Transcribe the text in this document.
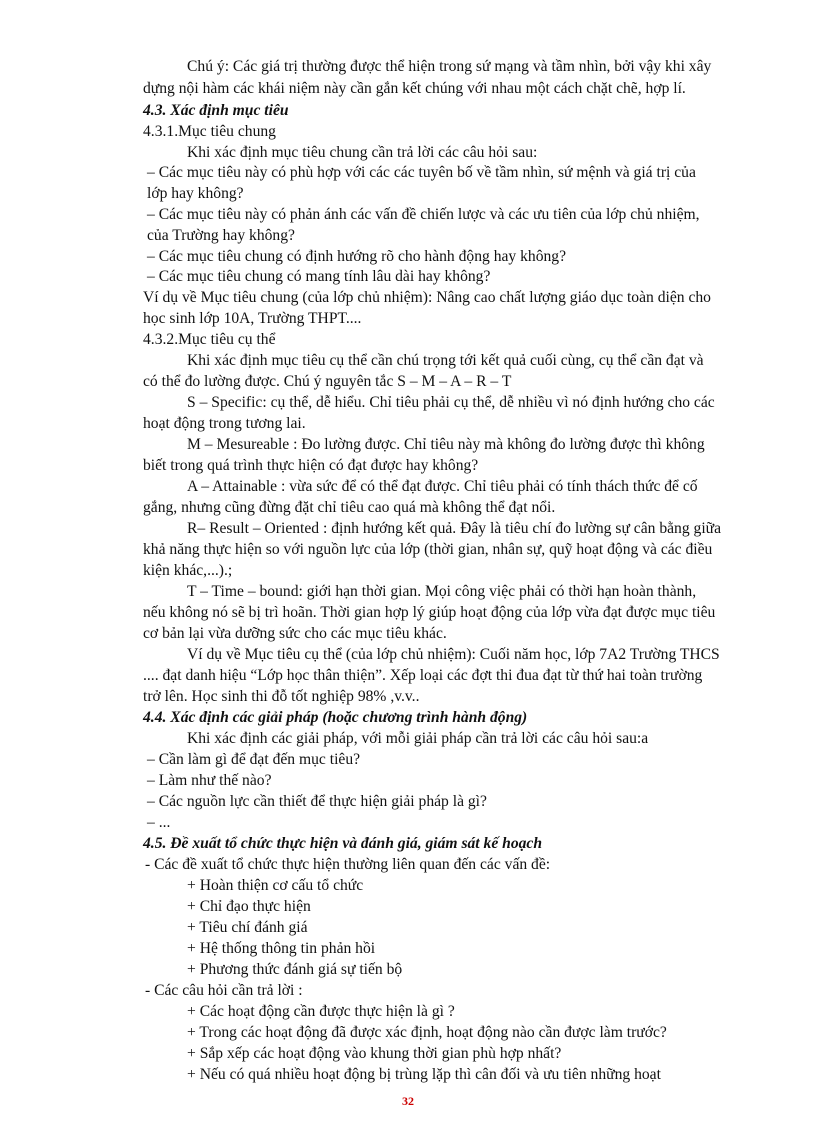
Chú ý: Các giá trị thường được thể hiện trong sứ mạng và tầm nhìn, bởi vậy khi xây
dựng nội hàm các khái niệm này cần gắn kết chúng với nhau một cách chặt chẽ, hợp lí.
4.3. Xác định mục tiêu
4.3.1.Mục tiêu chung
Khi xác định mục tiêu chung cần trả lời các câu hỏi sau:
– Các mục tiêu này có phù hợp với các các tuyên bố về tầm nhìn, sứ mệnh và giá trị của
lớp hay không?
– Các mục tiêu này có phản ánh các vấn đề chiến lược và các ưu tiên của lớp chủ nhiệm,
của Trường hay không?
– Các mục tiêu chung có định hướng rõ cho hành động hay không?
– Các mục tiêu chung có mang tính lâu dài hay không?
Ví dụ về Mục tiêu chung (của lớp chủ nhiệm): Nâng cao chất lượng giáo dục toàn diện cho
học sinh lớp 10A, Trường THPT....
4.3.2.Mục tiêu cụ thể
Khi xác định mục tiêu cụ thể cần chú trọng tới kết quả cuối cùng, cụ thể cần đạt và
có thể đo lường được. Chú ý nguyên tắc S – M – A – R – T
S – Specific: cụ thể, dễ hiểu. Chỉ tiêu phải cụ thể, dễ nhiều vì nó định hướng cho các
hoạt động trong tương lai.
M – Mesureable : Đo lường được. Chỉ tiêu này mà không đo lường được thì không
biết trong quá trình thực hiện có đạt được hay không?
A – Attainable : vừa sức để có thể đạt được. Chỉ tiêu phải có tính thách thức để cố
gắng, nhưng cũng đừng đặt chỉ tiêu cao quá mà không thể đạt nổi.
R– Result – Oriented : định hướng kết quả. Đây là tiêu chí đo lường sự cân bằng giữa
khả năng thực hiện so với nguồn lực của lớp (thời gian, nhân sự, quỹ hoạt động và các điều
kiện khác,...).;
T – Time – bound: giới hạn thời gian. Mọi công việc phải có thời hạn hoàn thành,
nếu không nó sẽ bị trì hoãn. Thời gian hợp lý giúp hoạt động của lớp vừa đạt được mục tiêu
cơ bản lại vừa dưỡng sức cho các mục tiêu khác.
Ví dụ về Mục tiêu cụ thể (của lớp chủ nhiệm): Cuối năm học, lớp 7A2 Trường THCS
.... đạt danh hiệu “Lớp học thân thiện”. Xếp loại các đợt thi đua đạt từ thứ hai toàn trường
trở lên. Học sinh thi đỗ tốt nghiệp 98% ,v.v..
4.4. Xác định các giải pháp (hoặc chương trình hành động)
Khi xác định các giải pháp, với mỗi giải pháp cần trả lời các câu hỏi sau:a
– Cần làm gì để đạt đến mục tiêu?
– Làm như thế nào?
– Các nguồn lực cần thiết để thực hiện giải pháp là gì?
– ...
4.5. Đề xuất tổ chức thực hiện và đánh giá, giám sát kế hoạch
- Các đề xuất tổ chức thực hiện thường liên quan đến các vấn đề:
+ Hoàn thiện cơ cấu tổ chức
+ Chỉ đạo thực hiện
+ Tiêu chí đánh giá
+ Hệ thống thông tin phản hồi
+ Phương thức đánh giá sự tiến bộ
- Các câu hỏi cần trả lời :
+ Các hoạt động cần được thực hiện là gì ?
+ Trong các hoạt động đã được xác định, hoạt động nào cần được làm trước?
+ Sắp xếp các hoạt động vào khung thời gian phù hợp nhất?
+ Nếu có quá nhiều hoạt động bị trùng lặp thì cân đối và ưu tiên những hoạt
32
